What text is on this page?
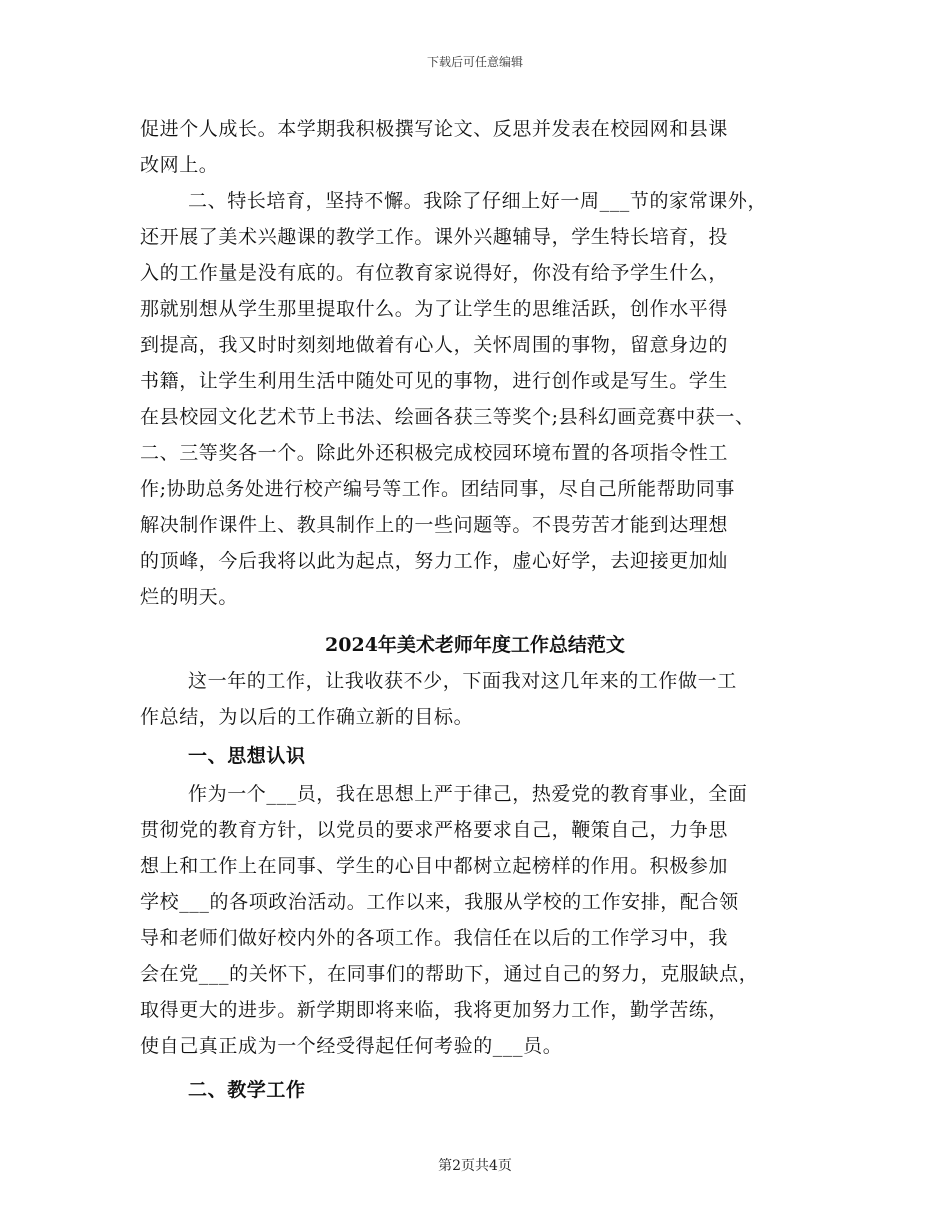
下载后可任意编辑
促进个人成长。本学期我积极撰写论文、反思并发表在校园网和县课
改网上。
二、特长培育，坚持不懈。我除了仔细上好一周___节的家常课外，
还开展了美术兴趣课的教学工作。课外兴趣辅导，学生特长培育，投
入的工作量是没有底的。有位教育家说得好，你没有给予学生什么，
那就别想从学生那里提取什么。为了让学生的思维活跃，创作水平得
到提高，我又时时刻刻地做着有心人，关怀周围的事物，留意身边的
书籍，让学生利用生活中随处可见的事物，进行创作或是写生。学生
在县校园文化艺术节上书法、绘画各获三等奖个;县科幻画竞赛中获一、
二、三等奖各一个。除此外还积极完成校园环境布置的各项指令性工
作;协助总务处进行校产编号等工作。团结同事，尽自己所能帮助同事
解决制作课件上、教具制作上的一些问题等。不畏劳苦才能到达理想
的顶峰，今后我将以此为起点，努力工作，虚心好学，去迎接更加灿
烂的明天。
2024年美术老师年度工作总结范文
这一年的工作，让我收获不少，下面我对这几年来的工作做一工
作总结，为以后的工作确立新的目标。
一、思想认识
作为一个___员，我在思想上严于律己，热爱党的教育事业，全面
贯彻党的教育方针，以党员的要求严格要求自己，鞭策自己，力争思
想上和工作上在同事、学生的心目中都树立起榜样的作用。积极参加
学校___的各项政治活动。工作以来，我服从学校的工作安排，配合领
导和老师们做好校内外的各项工作。我信任在以后的工作学习中，我
会在党___的关怀下，在同事们的帮助下，通过自己的努力，克服缺点，
取得更大的进步。新学期即将来临，我将更加努力工作，勤学苦练，
使自己真正成为一个经受得起任何考验的___员。
二、教学工作
第2页共4页
